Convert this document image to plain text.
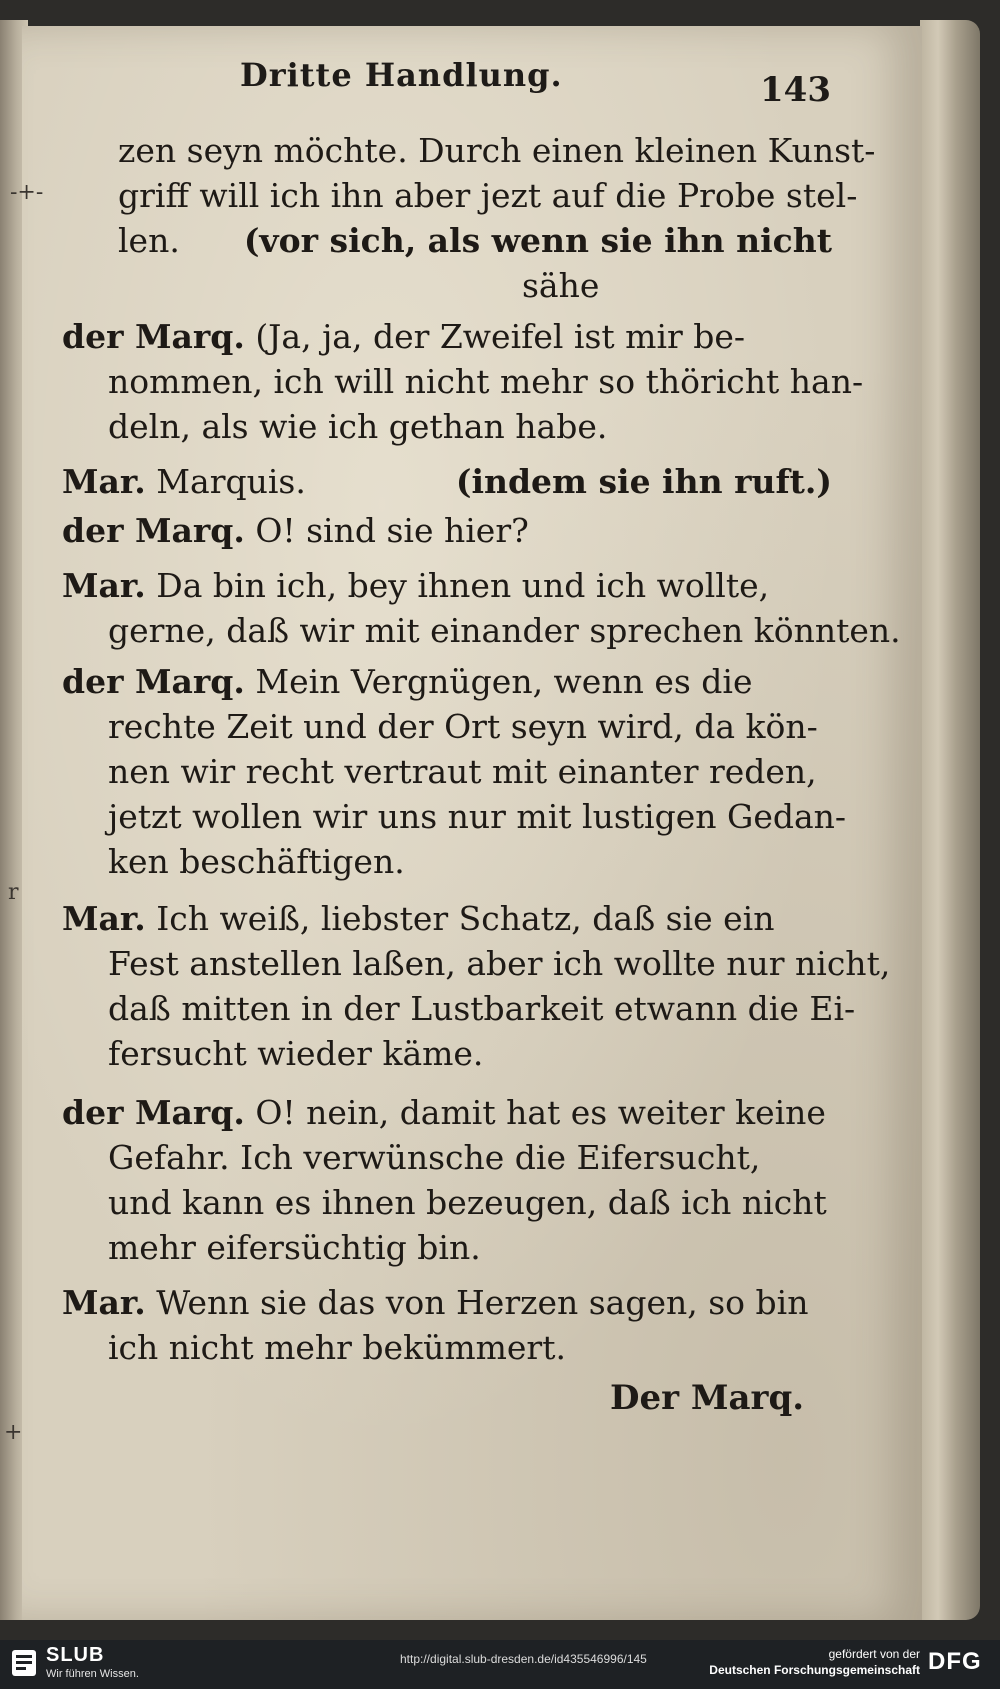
-+-
r
+
Dritte Handlung.	143
zen seyn möchte. Durch einen kleinen Kunst-
griff will ich ihn aber jezt auf die Probe stel-
len. (vor sich, als wenn sie ihn nicht
sähe
der Marq. (Ja, ja, der Zweifel ist mir be-
nommen, ich will nicht mehr so thöricht han-
deln, als wie ich gethan habe.
Mar. Marquis.	(indem sie ihn ruft.)
der Marq. O! sind sie hier?
Mar. Da bin ich, bey ihnen und ich wollte,
gerne, daß wir mit einander sprechen könnten.
der Marq. Mein Vergnügen, wenn es die
rechte Zeit und der Ort seyn wird, da kön-
nen wir recht vertraut mit einanter reden,
jetzt wollen wir uns nur mit lustigen Gedan-
ken beschäftigen.
Mar. Ich weiß, liebster Schatz, daß sie ein
Fest anstellen laßen, aber ich wollte nur nicht,
daß mitten in der Lustbarkeit etwann die Ei-
fersucht wieder käme.
der Marq. O! nein, damit hat es weiter keine
Gefahr. Ich verwünsche die Eifersucht,
und kann es ihnen bezeugen, daß ich nicht
mehr eifersüchtig bin.
Mar. Wenn sie das von Herzen sagen, so bin
ich nicht mehr bekümmert.
Der Marq.
SLUB
Wir führen Wissen.
http://digital.slub-dresden.de/id435546996/145	gefördert von der
Deutschen Forschungsgemeinschaft DFG
